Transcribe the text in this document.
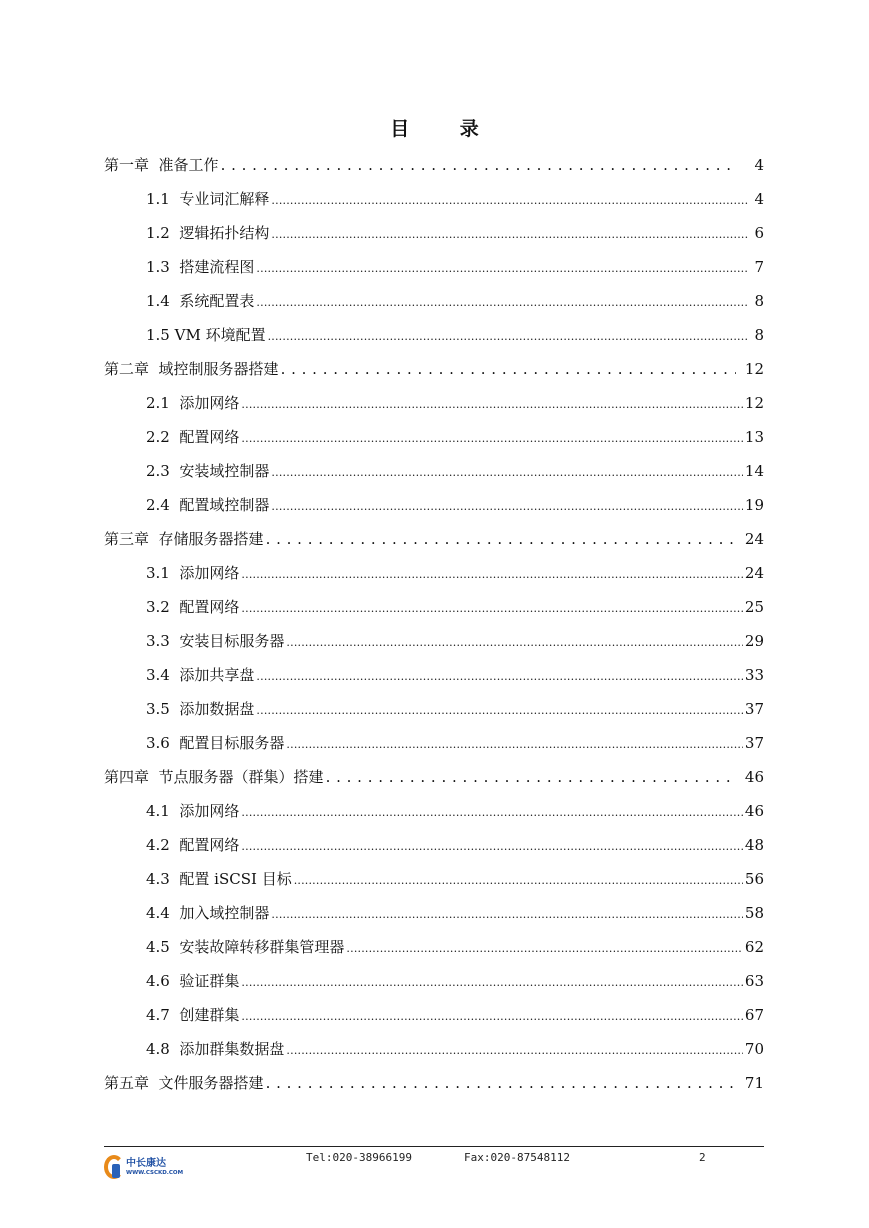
目 录
第一章 准备工作 . . .	4
1.1 专业词汇解释 .....	4
1.2 逻辑拓扑结构 .....	6
1.3 搭建流程图 .....	7
1.4 系统配置表 .....	8
1.5 VM 环境配置 .....	8
第二章 域控制服务器搭建 . . .	12
2.1 添加网络 .....	12
2.2 配置网络 .....	13
2.3 安装域控制器 .....	14
2.4 配置域控制器 .....	19
第三章 存储服务器搭建 . . .	24
3.1 添加网络 .....	24
3.2 配置网络 .....	25
3.3 安装目标服务器 .....	29
3.4 添加共享盘 .....	33
3.5 添加数据盘 .....	37
3.6 配置目标服务器 .....	37
第四章 节点服务器（群集）搭建 . . .	46
4.1 添加网络 .....	46
4.2 配置网络 .....	48
4.3 配置 iSCSI 目标 .....	56
4.4 加入域控制器 .....	58
4.5 安装故障转移群集管理器 .....	62
4.6 验证群集 .....	63
4.7 创建群集 .....	67
4.8 添加群集数据盘 .....	70
第五章 文件服务器搭建 . . .	71
中长康达
WWW.CSCKD.COM
Tel:020-38966199	Fax:020-87548112	2
